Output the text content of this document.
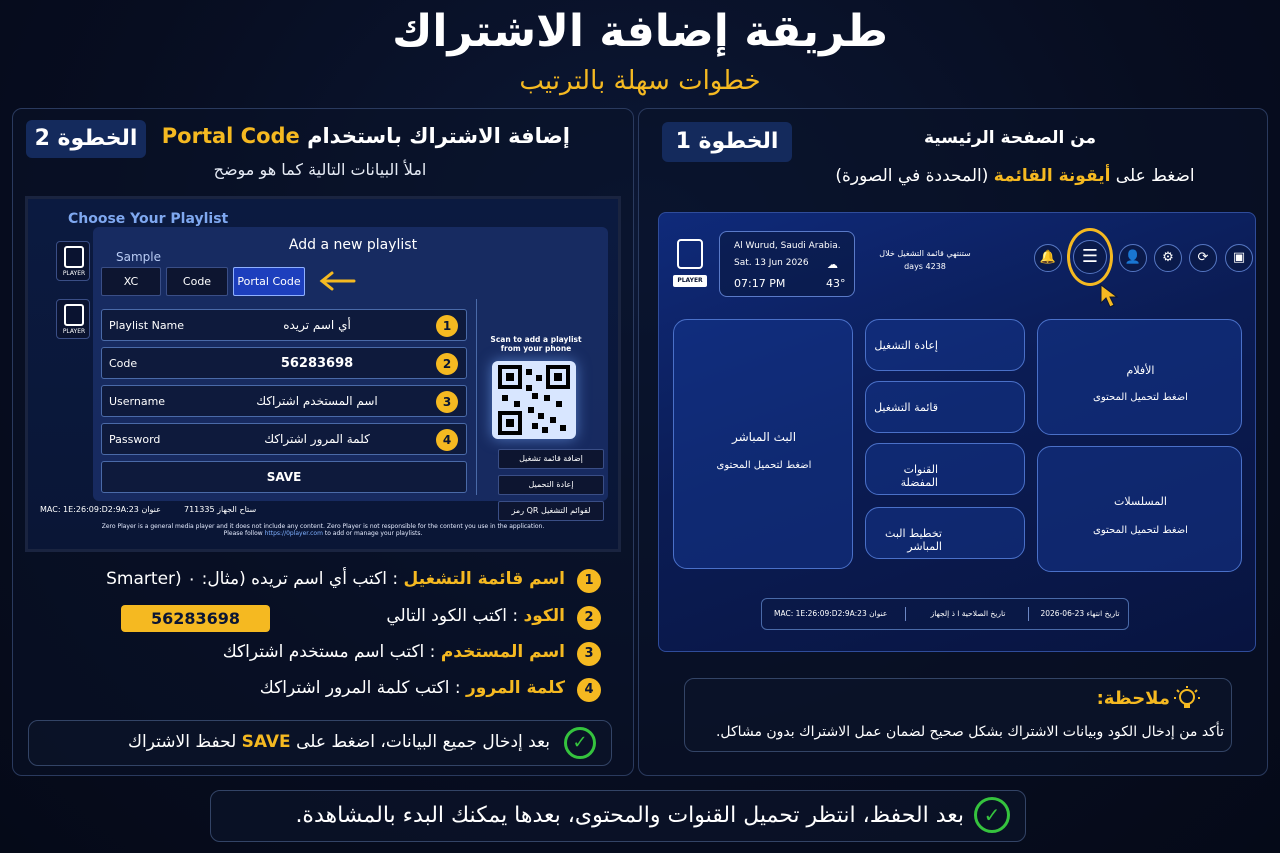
طريقة إضافة الاشتراك
خطوات سهلة بالترتيب
الخطوة 2	إضافة الاشتراك باستخدام Portal Code
املأ البيانات التالية كما هو موضح
Choose Your Playlist
PLAYER
PLAYER
Add a new playlist
Sample
XC	Code	Portal Code
Playlist Name	أي اسم تريده	1
Code	56283698	2
Username	اسم المستخدم اشتراكك	3
Password	كلمة المرور اشتراكك	4
SAVE
Scan to add a playlist
from your phone
إضافة قائمة تشغيل
إعادة التحميل
لقوائم التشغيل QR رمز
MAC: 1E:26:09:D2:9A:23 عنوان	711335 ستاح الجهاز
Zero Player is a general media player and it does not include any content. Zero Player is not responsible for the content you use in the application.
Please follow https://0player.com to add or manage your playlists.
1
اسم قائمة التشغيل : اكتب أي اسم تريده (مثال: ٠ (Smarter
2
الكود : اكتب الكود التالي
56283698
3
اسم المستخدم : اكتب اسم مستخدم اشتراكك
4
كلمة المرور : اكتب كلمة المرور اشتراكك
✓
بعد إدخال جميع البيانات، اضغط على SAVE لحفظ الاشتراك
الخطوة 1	من الصفحة الرئيسية
اضغط على أيقونة القائمة (المحددة في الصورة)
PLAYER
Al Wurud, Saudi Arabia.
Sat. 13 Jun 2026
07:17 PM
☁
43°
ستنتهي قائمة التشغيل خلال
4238 days
🔔	☰	👤	⚙	⟳	▣
البث المباشر
اضغط لتحميل المحتوى
إعادة التشغيل
قائمة التشغيل
القنوات المفضلة
تخطيط البث المباشر
الأفلام
اضغط لتحميل المحتوى
المسلسلات
اضغط لتحميل المحتوى
MAC: 1E:26:09:D2:9A:23 عنوان	تاريخ الصلاحية ا ذ إلجهاز	تاريخ انتهاء 23-06-2026
ملاحظة:
تأكد من إدخال الكود وبيانات الاشتراك بشكل صحيح لضمان عمل الاشتراك بدون مشاكل.
✓
بعد الحفظ، انتظر تحميل القنوات والمحتوى، بعدها يمكنك البدء بالمشاهدة.
